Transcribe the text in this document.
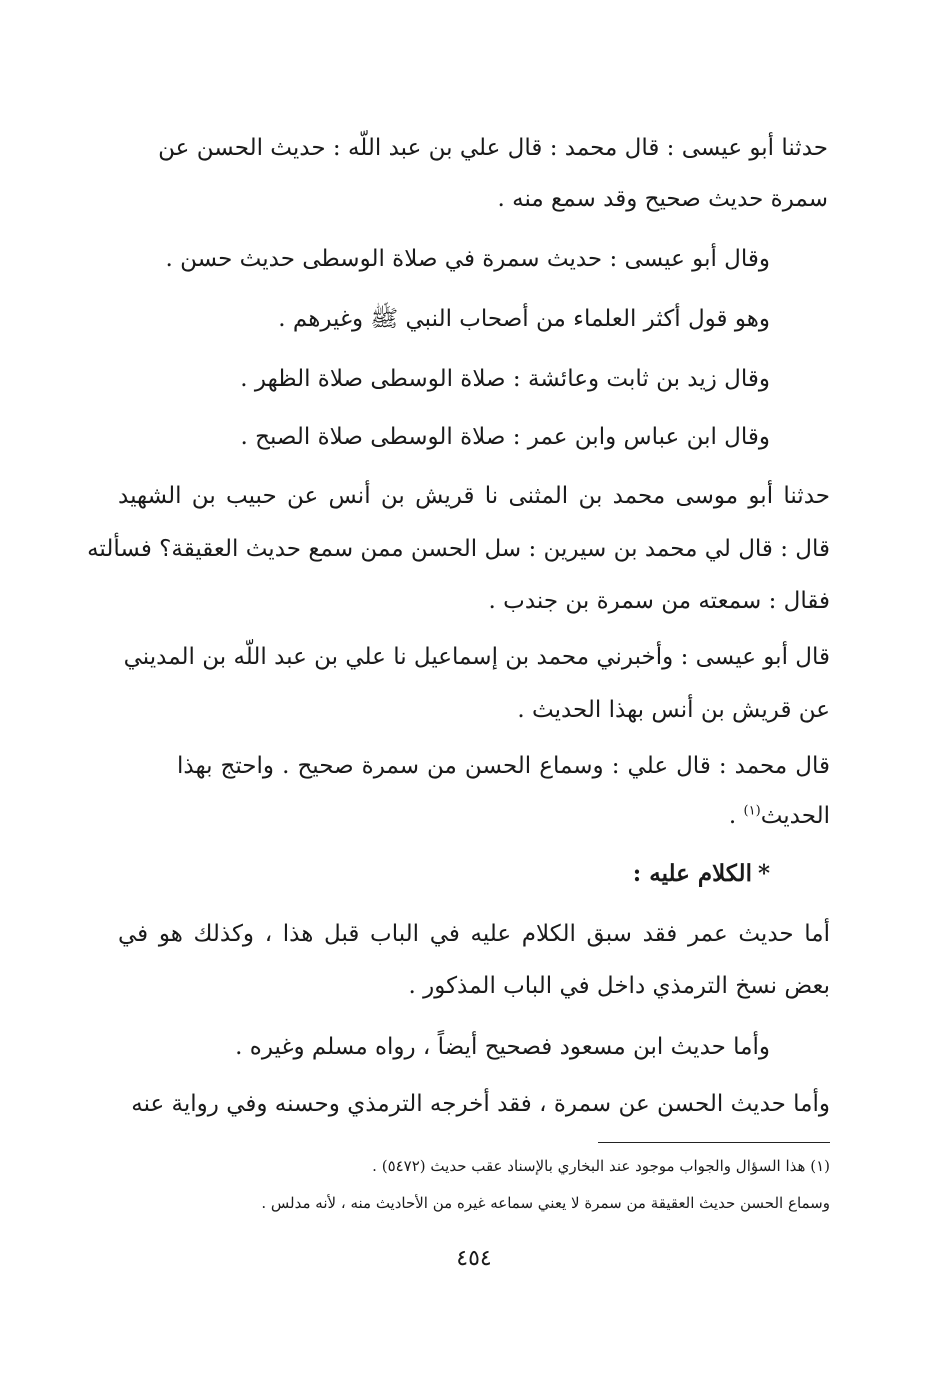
حدثنا أبو عيسى : قال محمد : قال علي بن عبد اللّه : حديث الحسن عن
سمرة حديث صحيح وقد سمع منه .
وقال أبو عيسى : حديث سمرة في صلاة الوسطى حديث حسن .
وهو قول أكثر العلماء من أصحاب النبي ﷺ وغيرهم .
وقال زيد بن ثابت وعائشة : صلاة الوسطى صلاة الظهر .
وقال ابن عباس وابن عمر : صلاة الوسطى صلاة الصبح .
حدثنا أبو موسى محمد بن المثنى نا قريش بن أنس عن حبيب بن الشهيد
قال : قال لي محمد بن سيرين : سل الحسن ممن سمع حديث العقيقة؟ فسألته
فقال : سمعته من سمرة بن جندب .
قال أبو عيسى : وأخبرني محمد بن إسماعيل نا علي بن عبد اللّه بن المديني
عن قريش بن أنس بهذا الحديث .
قال محمد : قال علي : وسماع الحسن من سمرة صحيح . واحتج بهذا
الحديث$^{(١)}$ .
*الكلام عليه :
أما حديث عمر فقد سبق الكلام عليه في الباب قبل هذا ، وكذلك هو في
بعض نسخ الترمذي داخل في الباب المذكور .
وأما حديث ابن مسعود فصحيح أيضاً ، رواه مسلم وغيره .
وأما حديث الحسن عن سمرة ، فقد أخرجه الترمذي وحسنه وفي رواية عنه
(١) هذا السؤال والجواب موجود عند البخاري بالإسناد عقب حديث (٥٤٧٢) .
وسماع الحسن حديث العقيقة من سمرة لا يعني سماعه غيره من الأحاديث منه ، لأنه مدلس .
٤٥٤
